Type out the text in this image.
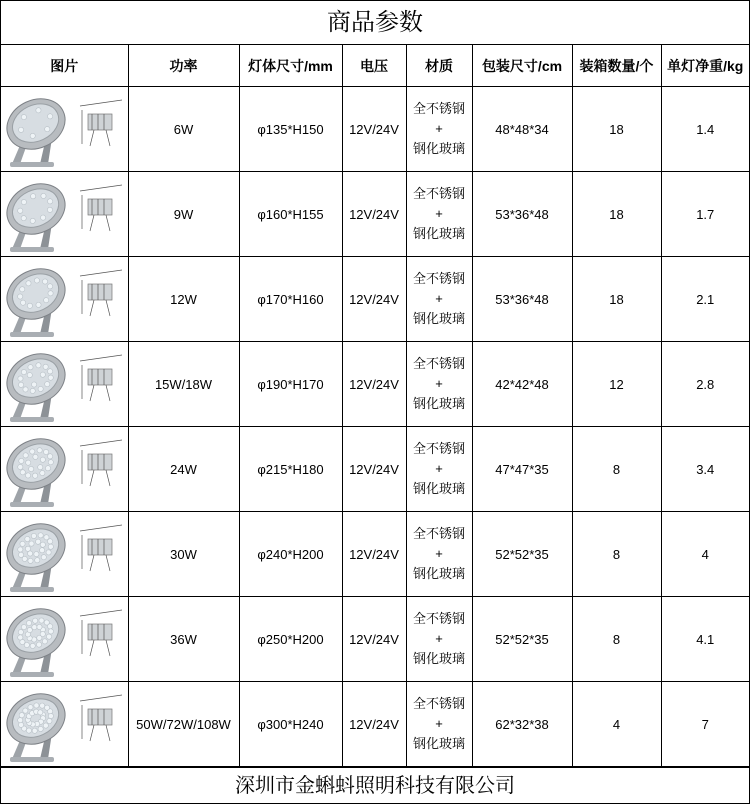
商品参数
图片	功率	灯体尺寸/mm	电压	材质	包装尺寸/cm	装箱数量/个	单灯净重/kg

	6W	φ135*H150	12V/24V	全不锈钢
+
钢化玻璃	48*48*34	18	1.4

	9W	φ160*H155	12V/24V	全不锈钢
+
钢化玻璃	53*36*48	18	1.7

	12W	φ170*H160	12V/24V	全不锈钢
+
钢化玻璃	53*36*48	18	2.1

	15W/18W	φ190*H170	12V/24V	全不锈钢
+
钢化玻璃	42*42*48	12	2.8

	24W	φ215*H180	12V/24V	全不锈钢
+
钢化玻璃	47*47*35	8	3.4

	30W	φ240*H200	12V/24V	全不锈钢
+
钢化玻璃	52*52*35	8	4

	36W	φ250*H200	12V/24V	全不锈钢
+
钢化玻璃	52*52*35	8	4.1

	50W/72W/108W	φ300*H240	12V/24V	全不锈钢
+
钢化玻璃	62*32*38	4	7
深圳市金蝌蚪照明科技有限公司
